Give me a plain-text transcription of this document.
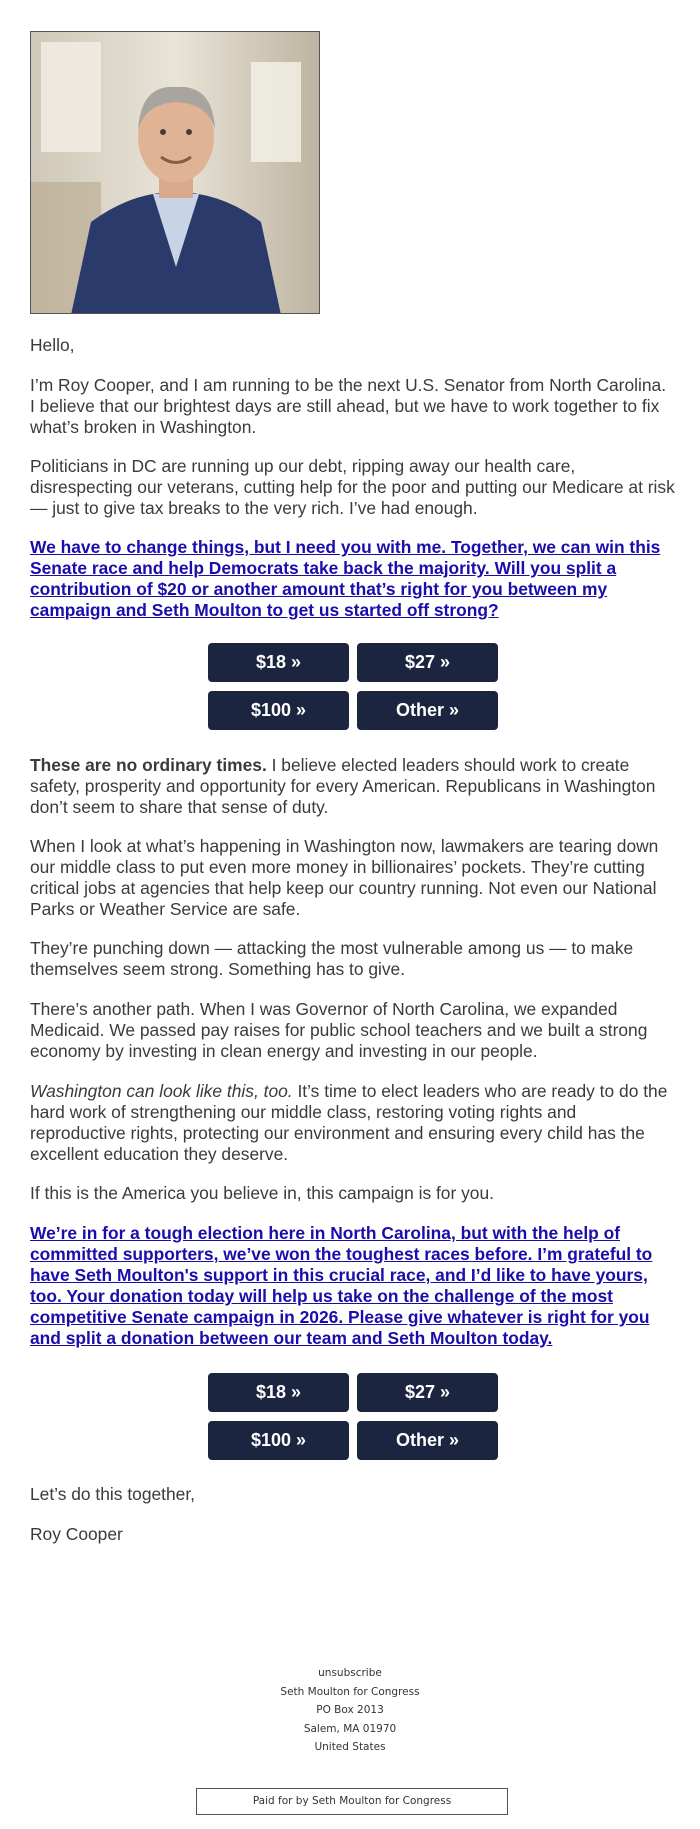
Hello,

I’m Roy Cooper, and I am running to be the next U.S. Senator from North Carolina. I believe that our brightest days are still ahead, but we have to work together to fix what’s broken in Washington.

Politicians in DC are running up our debt, ripping away our health care, disrespecting our veterans, cutting help for the poor and putting our Medicare at risk — just to give tax breaks to the very rich. I’ve had enough.

We have to change things, but I need you with me. Together, we can win this Senate race and help Democrats take back the majority. Will you split a contribution of $20 or another amount that’s right for you between my campaign and Seth Moulton to get us started off strong?

$18 »	$27 »
$100 »	Other »

These are no ordinary times. I believe elected leaders should work to create safety, prosperity and opportunity for every American. Republicans in Washington don’t seem to share that sense of duty.

When I look at what’s happening in Washington now, lawmakers are tearing down our middle class to put even more money in billionaires’ pockets. They’re cutting critical jobs at agencies that help keep our country running. Not even our National Parks or Weather Service are safe.

They’re punching down — attacking the most vulnerable among us — to make themselves seem strong. Something has to give.

There’s another path. When I was Governor of North Carolina, we expanded Medicaid. We passed pay raises for public school teachers and we built a strong economy by investing in clean energy and investing in our people.

Washington can look like this, too. It’s time to elect leaders who are ready to do the hard work of strengthening our middle class, restoring voting rights and reproductive rights, protecting our environment and ensuring every child has the excellent education they deserve.

If this is the America you believe in, this campaign is for you.

We’re in for a tough election here in North Carolina, but with the help of committed supporters, we’ve won the toughest races before. I’m grateful to have Seth Moulton's support in this crucial race, and I’d like to have yours, too. Your donation today will help us take on the challenge of the most competitive Senate campaign in 2026. Please give whatever is right for you and split a donation between our team and Seth Moulton today.

$18 »	$27 »
$100 »	Other »

Let’s do this together,

Roy Cooper

unsubscribe
Seth Moulton for Congress
PO Box 2013
Salem, MA 01970
United States
Paid for by Seth Moulton for Congress
